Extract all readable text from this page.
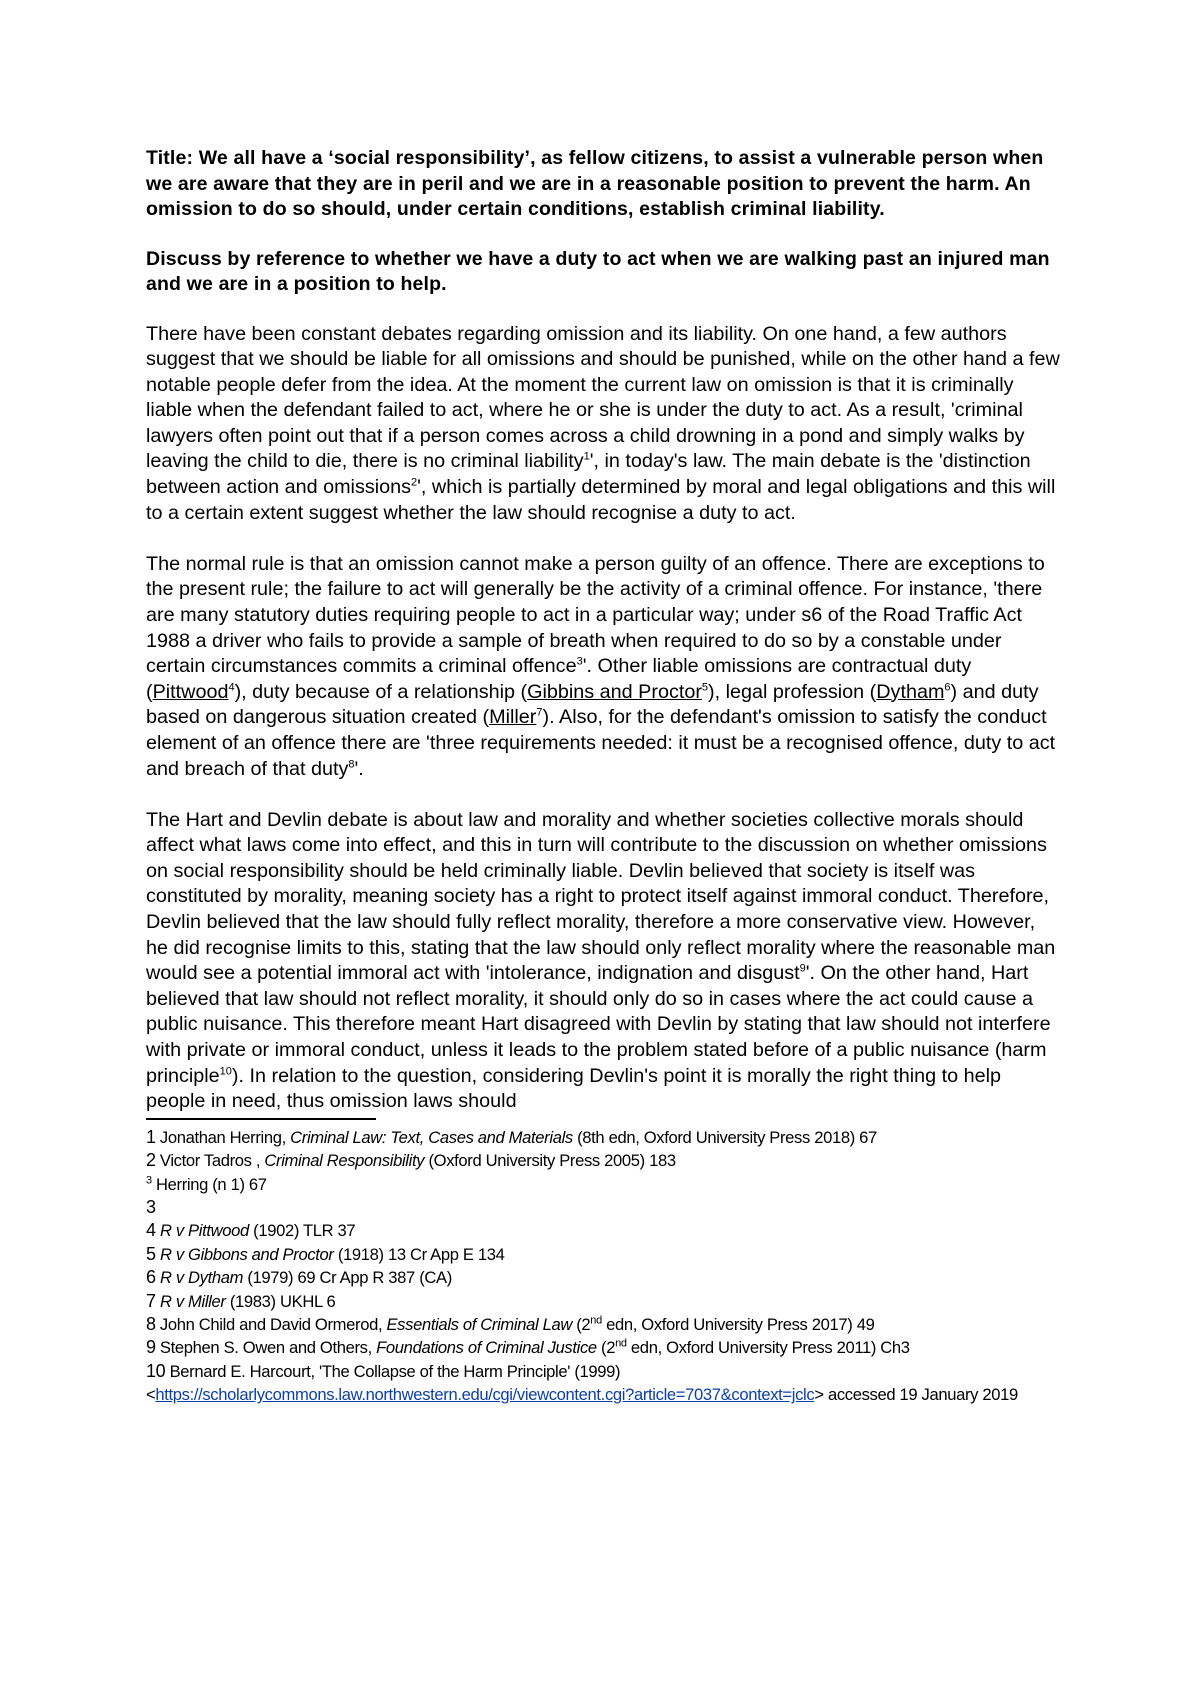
Title: We all have a ‘social responsibility’, as fellow citizens, to assist a vulnerable person when we are aware that they are in peril and we are in a reasonable position to prevent the harm. An omission to do so should, under certain conditions, establish criminal liability.

Discuss by reference to whether we have a duty to act when we are walking past an injured man and we are in a position to help.

There have been constant debates regarding omission and its liability. On one hand, a few authors suggest that we should be liable for all omissions and should be punished, while on the other hand a few notable people defer from the idea. At the moment the current law on omission is that it is criminally liable when the defendant failed to act, where he or she is under the duty to act. As a result, 'criminal lawyers often point out that if a person comes across a child drowning in a pond and simply walks by leaving the child to die, there is no criminal liability$^1$', in today's law. The main debate is the 'distinction between action and omissions$^2$', which is partially determined by moral and legal obligations and this will to a certain extent suggest whether the law should recognise a duty to act.

The normal rule is that an omission cannot make a person guilty of an offence. There are exceptions to the present rule; the failure to act will generally be the activity of a criminal offence. For instance, 'there are many statutory duties requiring people to act in a particular way; under s6 of the Road Traffic Act 1988 a driver who fails to provide a sample of breath when required to do so by a constable under certain circumstances commits a criminal offence$^3$'. Other liable omissions are contractual duty (Pittwood$^4$), duty because of a relationship (Gibbins and Proctor$^5$), legal profession (Dytham$^6$) and duty based on dangerous situation created (Miller$^7$). Also, for the defendant's omission to satisfy the conduct element of an offence there are 'three requirements needed: it must be a recognised offence, duty to act and breach of that duty$^8$'.

The Hart and Devlin debate is about law and morality and whether societies collective morals should affect what laws come into effect, and this in turn will contribute to the discussion on whether omissions on social responsibility should be held criminally liable. Devlin believed that society is itself was constituted by morality, meaning society has a right to protect itself against immoral conduct. Therefore, Devlin believed that the law should fully reflect morality, therefore a more conservative view. However, he did recognise limits to this, stating that the law should only reflect morality where the reasonable man would see a potential immoral act with 'intolerance, indignation and disgust$^9$'. On the other hand, Hart believed that law should not reflect morality, it should only do so in cases where the act could cause a public nuisance. This therefore meant Hart disagreed with Devlin by stating that law should not interfere with private or immoral conduct, unless it leads to the problem stated before of a public nuisance (harm principle$^{10}$). In relation to the question, considering Devlin's point it is morally the right thing to help people in need, thus omission laws should

1 Jonathan Herring, Criminal Law: Text, Cases and Materials (8th edn, Oxford University Press 2018) 67

2 Victor Tadros , Criminal Responsibility (Oxford University Press 2005) 183

$^3$ Herring (n 1) 67

3

4 R v Pittwood (1902) TLR 37

5 R v Gibbons and Proctor (1918) 13 Cr App E 134

6 R v Dytham (1979) 69 Cr App R 387 (CA)

7 R v Miller (1983) UKHL 6

8 John Child and David Ormerod, Essentials of Criminal Law (2nd edn, Oxford University Press 2017) 49

9 Stephen S. Owen and Others, Foundations of Criminal Justice (2nd edn, Oxford University Press 2011) Ch3

10 Bernard E. Harcourt, 'The Collapse of the Harm Principle' (1999)
<https://scholarlycommons.law.northwestern.edu/cgi/viewcontent.cgi?article=7037&context=jclc> accessed 19 January 2019
